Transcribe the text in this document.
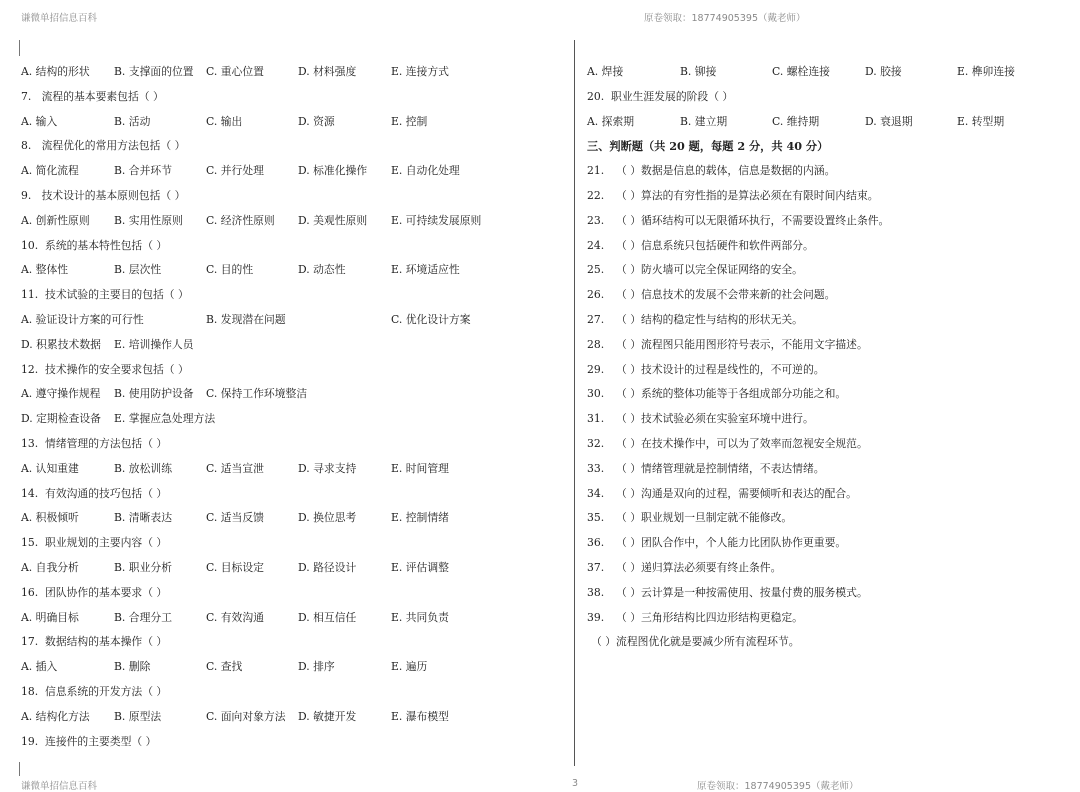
谦微单招信息百科	原卷领取：18774905395（戴老师）
A. 结构的形状 B. 支撑面的位置 C. 重心位置	D. 材料强度	E. 连接方式
7.   流程的基本要素包括（ ）
A. 输入	B. 活动	C. 输出	D. 资源	E. 控制
8.   流程优化的常用方法包括（ ）
A. 简化流程	B. 合并环节	C. 并行处理	D. 标准化操作 E. 自动化处理
9.   技术设计的基本原则包括（ ）
A. 创新性原则 B. 实用性原则 C. 经济性原则 D. 美观性原则 E. 可持续发展原则
10.  系统的基本特性包括（ ）
A. 整体性	B. 层次性	C. 目的性	D. 动态性	E. 环境适应性
11.  技术试验的主要目的包括（ ）
A. 验证设计方案的可行性	B. 发现潜在问题	C. 优化设计方案
D. 积累技术数据 E. 培训操作人员
12.  技术操作的安全要求包括（ ）
A. 遵守操作规程 B. 使用防护设备 C. 保持工作环境整洁
D. 定期检查设备 E. 掌握应急处理方法
13.  情绪管理的方法包括（ ）
A. 认知重建	B. 放松训练	C. 适当宣泄	D. 寻求支持	E. 时间管理
14.  有效沟通的技巧包括（ ）
A. 积极倾听	B. 清晰表达	C. 适当反馈	D. 换位思考	E. 控制情绪
15.  职业规划的主要内容（ ）
A. 自我分析	B. 职业分析	C. 目标设定	D. 路径设计	E. 评估调整
16.  团队协作的基本要求（ ）
A. 明确目标	B. 合理分工	C. 有效沟通	D. 相互信任	E. 共同负责
17.  数据结构的基本操作（ ）
A. 插入	B. 删除	C. 查找	D. 排序	E. 遍历
18.  信息系统的开发方法（ ）
A. 结构化方法 B. 原型法	C. 面向对象方法 D. 敏捷开发	E. 瀑布模型
19.  连接件的主要类型（ ）
A. 焊接	B. 铆接	C. 螺栓连接	D. 胶接	E. 榫卯连接
20.  职业生涯发展的阶段（ ）
A. 探索期	B. 建立期	C. 维持期	D. 衰退期	E. 转型期
三、判断题（共 20 题，每题 2 分，共 40 分）
21.	（ ）数据是信息的载体，信息是数据的内涵。
22.	（ ）算法的有穷性指的是算法必须在有限时间内结束。
23.	（ ）循环结构可以无限循环执行，不需要设置终止条件。
24.	（ ）信息系统只包括硬件和软件两部分。
25.	（ ）防火墙可以完全保证网络的安全。
26.	（ ）信息技术的发展不会带来新的社会问题。
27.	（ ）结构的稳定性与结构的形状无关。
28.	（ ）流程图只能用图形符号表示，不能用文字描述。
29.	（ ）技术设计的过程是线性的，不可逆的。
30.	（ ）系统的整体功能等于各组成部分功能之和。
31.	（ ）技术试验必须在实验室环境中进行。
32.	（ ）在技术操作中，可以为了效率而忽视安全规范。
33.	（ ）情绪管理就是控制情绪，不表达情绪。
34.	（ ）沟通是双向的过程，需要倾听和表达的配合。
35.	（ ）职业规划一旦制定就不能修改。
36.	（ ）团队合作中，个人能力比团队协作更重要。
37.	（ ）递归算法必须要有终止条件。
38.	（ ）云计算是一种按需使用、按量付费的服务模式。
39.	（ ）三角形结构比四边形结构更稳定。
（ ）流程图优化就是要减少所有流程环节。
谦微单招信息百科	3	原卷领取：18774905395（戴老师）
